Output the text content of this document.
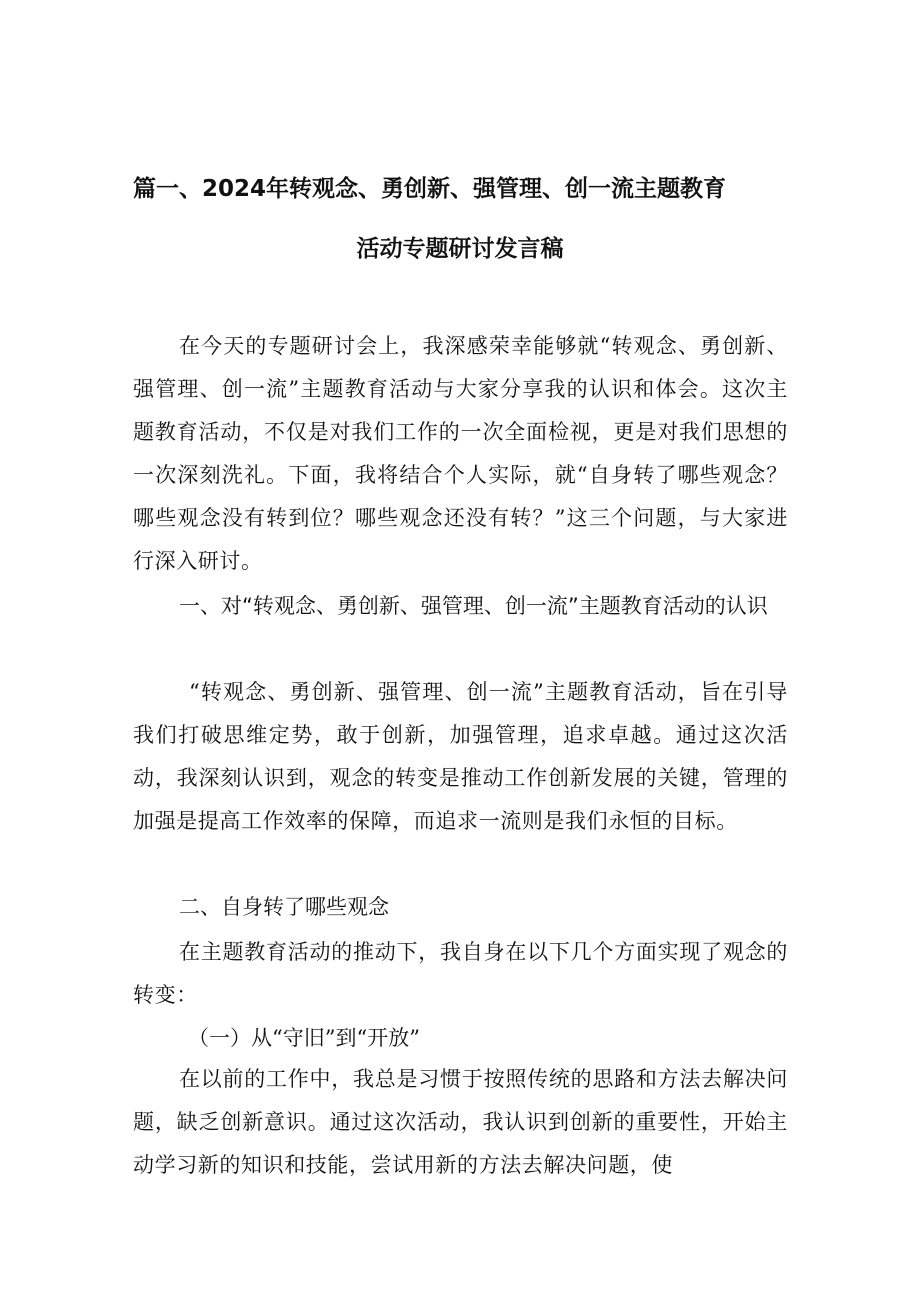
篇一、2024年转观念、勇创新、强管理、创一流主题教育
活动专题研讨发言稿
在今天的专题研讨会上，我深感荣幸能够就“转观念、勇创新、强管理、创一流”主题教育活动与大家分享我的认识和体会。这次主题教育活动，不仅是对我们工作的一次全面检视，更是对我们思想的一次深刻洗礼。下面，我将结合个人实际，就“自身转了哪些观念？哪些观念没有转到位？哪些观念还没有转？”这三个问题，与大家进行深入研讨。
一、对“转观念、勇创新、强管理、创一流”主题教育活动的认识
“转观念、勇创新、强管理、创一流”主题教育活动，旨在引导我们打破思维定势，敢于创新，加强管理，追求卓越。通过这次活动，我深刻认识到，观念的转变是推动工作创新发展的关键，管理的加强是提高工作效率的保障，而追求一流则是我们永恒的目标。
二、自身转了哪些观念
在主题教育活动的推动下，我自身在以下几个方面实现了观念的转变：
（一）从“守旧”到“开放”
在以前的工作中，我总是习惯于按照传统的思路和方法去解决问题，缺乏创新意识。通过这次活动，我认识到创新的重要性，开始主动学习新的知识和技能，尝试用新的方法去解决问题，使
